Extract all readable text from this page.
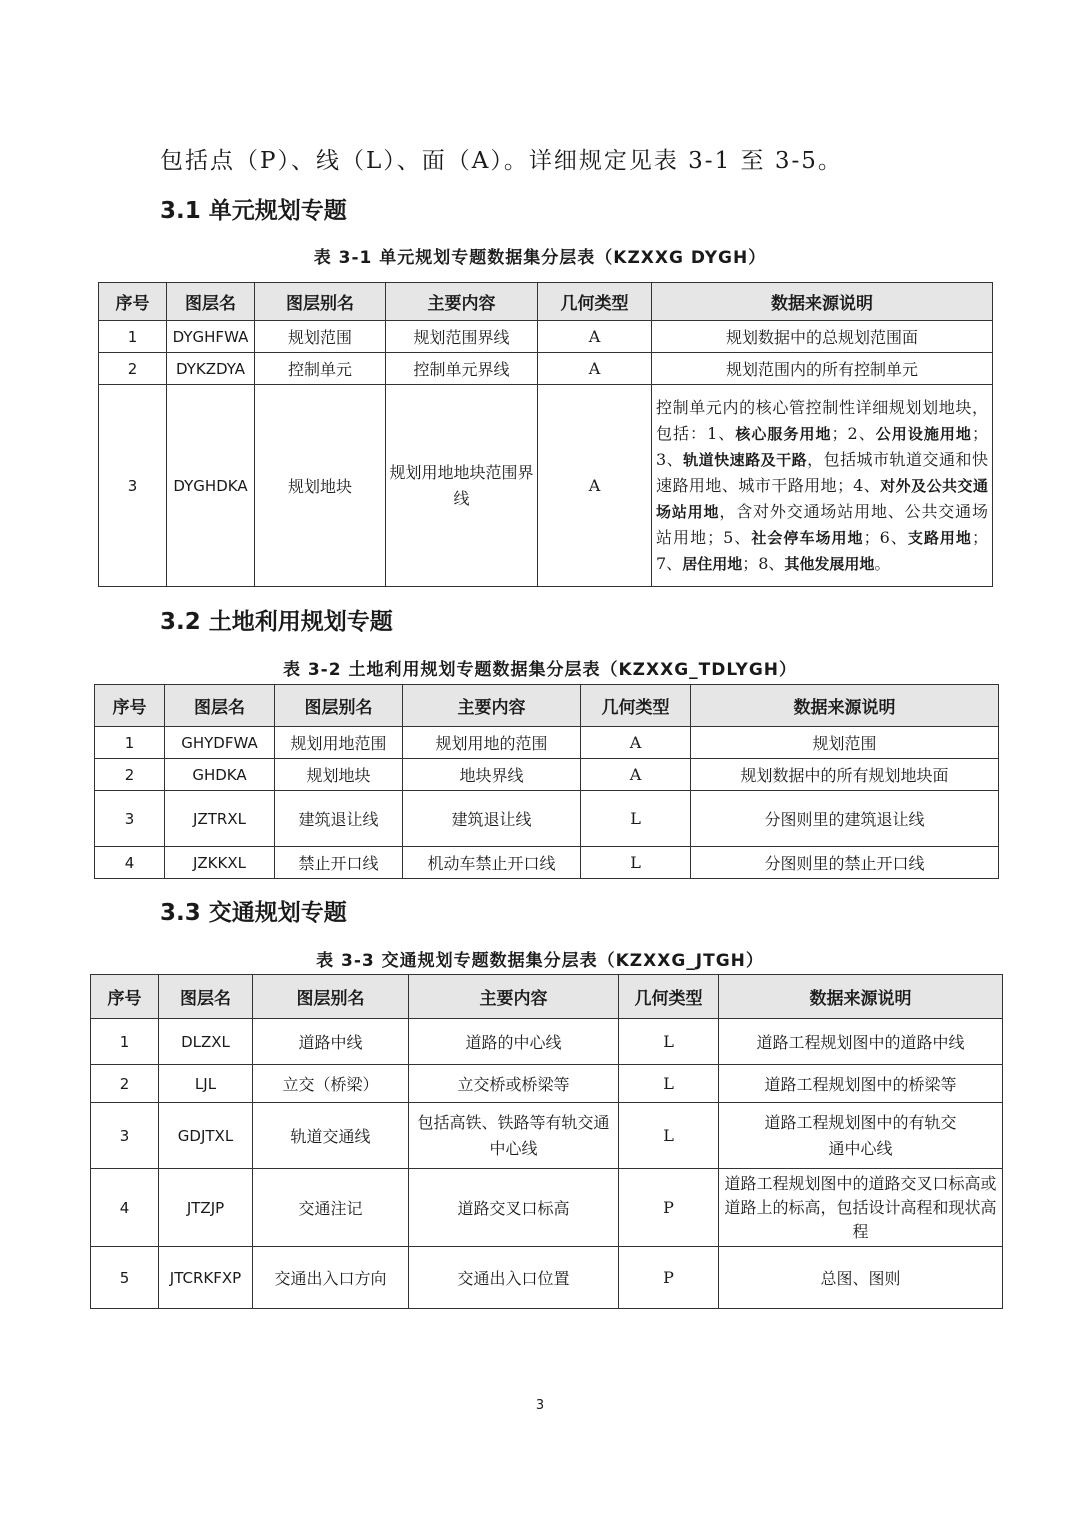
包括点（P）、线（L）、面（A）。详细规定见表 3-1 至 3-5。
3.1 单元规划专题
表 3-1 单元规划专题数据集分层表（KZXXG DYGH）
序号	图层名	图层别名	主要内容	几何类型	数据来源说明
1	DYGHFWA	规划范围	规划范围界线	A	规划数据中的总规划范围面
2	DYKZDYA	控制单元	控制单元界线	A	规划范围内的所有控制单元
3	DYGHDKA	规划地块	规划用地地块范围界线	A	控制单元内的核心管控制性详细规划划地块，包括：1、核心服务用地；2、公用设施用地；3、轨道快速路及干路，包括城市轨道交通和快速路用地、城市干路用地；4、对外及公共交通场站用地，含对外交通场站用地、公共交通场站用地；5、社会停车场用地；6、支路用地；7、居住用地；8、其他发展用地。
3.2 土地利用规划专题
表 3-2 土地利用规划专题数据集分层表（KZXXG_TDLYGH）
序号	图层名	图层别名	主要内容	几何类型	数据来源说明
1	GHYDFWA	规划用地范围	规划用地的范围	A	规划范围
2	GHDKA	规划地块	地块界线	A	规划数据中的所有规划地块面
3	JZTRXL	建筑退让线	建筑退让线	L	分图则里的建筑退让线
4	JZKKXL	禁止开口线	机动车禁止开口线	L	分图则里的禁止开口线
3.3 交通规划专题
表 3-3 交通规划专题数据集分层表（KZXXG_JTGH）
序号	图层名	图层别名	主要内容	几何类型	数据来源说明
1	DLZXL	道路中线	道路的中心线	L	道路工程规划图中的道路中线
2	LJL	立交（桥梁）	立交桥或桥梁等	L	道路工程规划图中的桥梁等
3	GDJTXL	轨道交通线	包括高铁、铁路等有轨交通中心线	L	道路工程规划图中的有轨交通中心线
4	JTZJP	交通注记	道路交叉口标高	P	道路工程规划图中的道路交叉口标高或道路上的标高，包括设计高程和现状高程
5	JTCRKFXP	交通出入口方向	交通出入口位置	P	总图、图则
3
